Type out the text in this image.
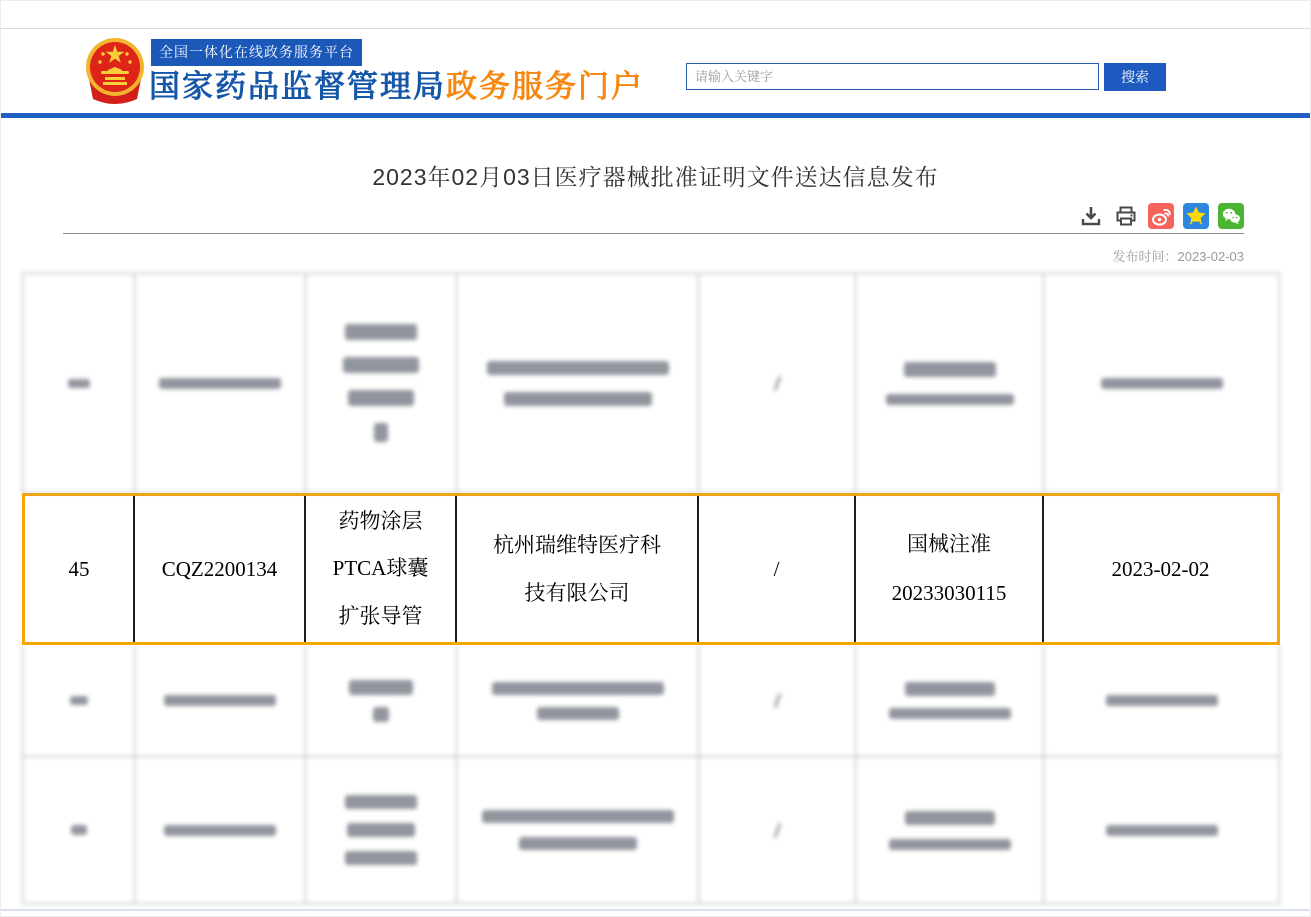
全国一体化在线政务服务平台
国家药品监督管理局政务服务门户
请输入关键字	搜索
2023年02月03日医疗器械批准证明文件送达信息发布
发布时间：2023-02-03
45	CQZ2200134
药物涂层PTCA球囊扩张导管
杭州瑞维特医疗科技有限公司
/
国械注准20233030115
2023-02-02
